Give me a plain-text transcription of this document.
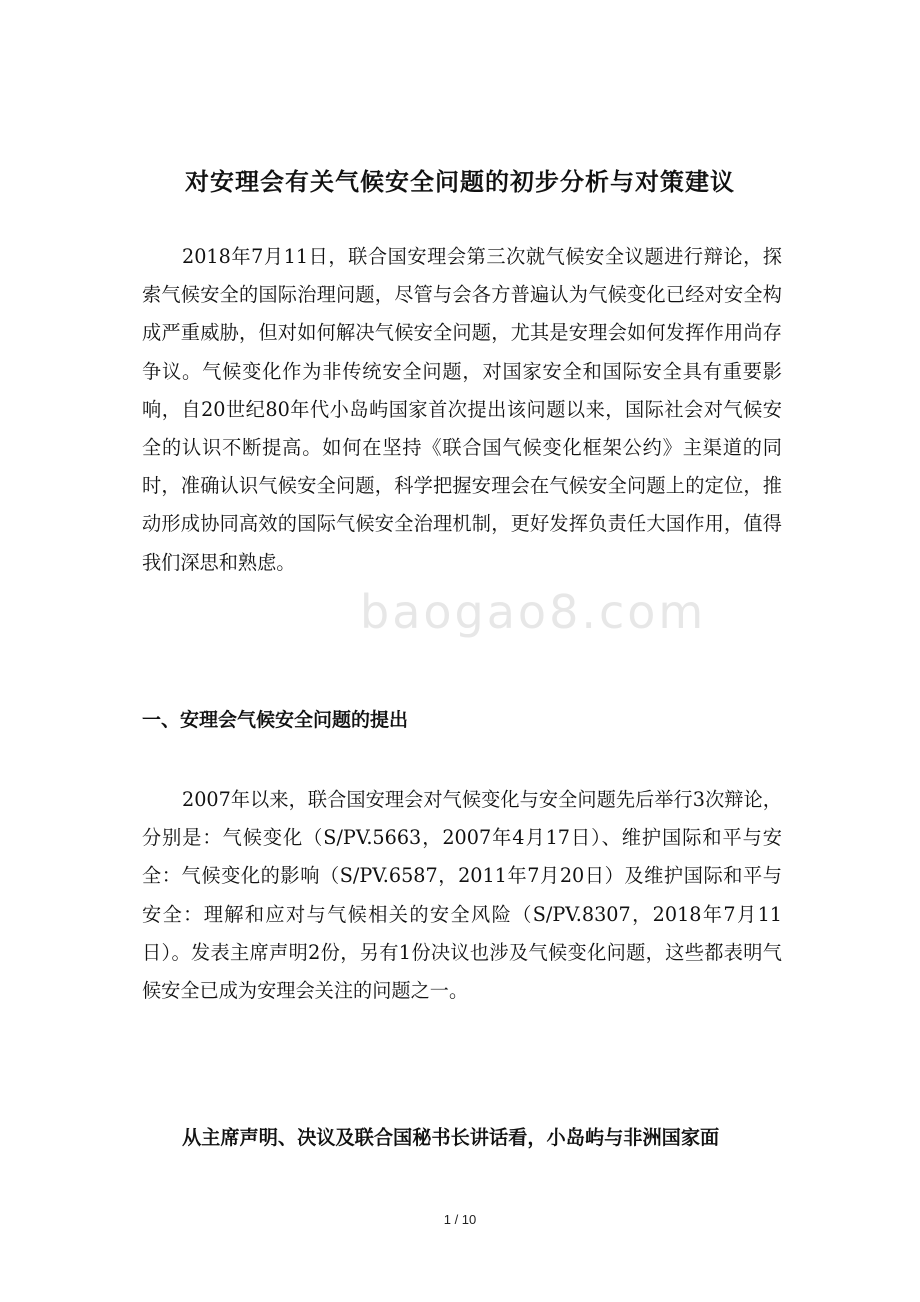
对安理会有关气候安全问题的初步分析与对策建议

2018年7月11日，联合国安理会第三次就气候安全议题进行辩论，探索气候安全的国际治理问题，尽管与会各方普遍认为气候变化已经对安全构成严重威胁，但对如何解决气候安全问题，尤其是安理会如何发挥作用尚存争议。气候变化作为非传统安全问题，对国家安全和国际安全具有重要影响，自20世纪80年代小岛屿国家首次提出该问题以来，国际社会对气候安全的认识不断提高。如何在坚持《联合国气候变化框架公约》主渠道的同时，准确认识气候安全问题，科学把握安理会在气候安全问题上的定位，推动形成协同高效的国际气候安全治理机制，更好发挥负责任大国作用，值得我们深思和熟虑。

baogao8.com
一、安理会气候安全问题的提出

2007年以来，联合国安理会对气候变化与安全问题先后举行3次辩论，分别是：气候变化（S/PV.5663，2007年4月17日）、维护国际和平与安全：气候变化的影响（S/PV.6587，2011年7月20日）及维护国际和平与安全：理解和应对与气候相关的安全风险（S/PV.8307，2018年7月11日）。发表主席声明2份，另有1份决议也涉及气候变化问题，这些都表明气候安全已成为安理会关注的问题之一。

从主席声明、决议及联合国秘书长讲话看，小岛屿与非洲国家面

1 / 10
